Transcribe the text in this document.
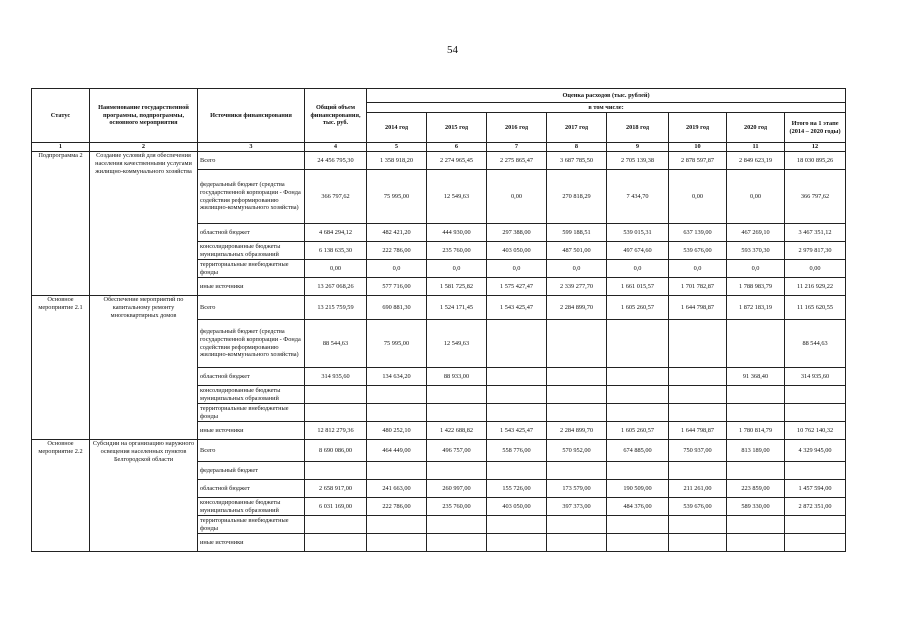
54
Статус	Наименование государственной программы, подпрограммы, основного мероприятия	Источники финансирования	Общий объем финансирования, тыс. руб.	Оценка расходов (тыс. рублей)							
				в том числе:							
				2014 год	2015 год	2016 год	2017 год	2018 год	2019 год	2020 год	Итого на 1 этапе (2014 – 2020 годы)
1	2	3	4	5	6	7	8	9	10	11	12
Подпрограмма 2	Создание условий для обеспечения населения качественными услугами жилищно-коммунального хозяйства	Всего	24 456 795,30	1 358 918,20	2 274 965,45	2 275 865,47	3 687 785,50	2 705 139,38	2 878 597,87	2 849 623,19	18 030 895,26
		федеральный бюджет (средства государственной корпорации - Фонда содействия реформированию жилищно-коммунального хозяйства)	366 797,62	75 995,00	12 549,63	0,00	270 818,29	7 434,70	0,00	0,00	366 797,62
		областной бюджет	4 684 294,12	482 421,20	444 930,00	297 388,00	599 188,51	539 015,31	637 139,00	467 269,10	3 467 351,12
		консолидированные бюджеты муниципальных образований	6 138 635,30	222 786,00	235 760,00	403 050,00	487 501,00	497 674,60	539 676,00	593 370,30	2 979 817,30
		территориальные внебюджетные фонды	0,00	0,0	0,0	0,0	0,0	0,0	0,0	0,0	0,00
		иные источники	13 267 068,26	577 716,00	1 581 725,82	1 575 427,47	2 339 277,70	1 661 015,57	1 701 782,87	1 788 983,79	11 216 929,22
Основное мероприятие 2.1	Обеспечение мероприятий по капитальному ремонту многоквартирных домов	Всего	13 215 759,59	690 881,30	1 524 171,45	1 543 425,47	2 284 899,70	1 605 260,57	1 644 798,87	1 872 183,19	11 165 620,55
		федеральный бюджет (средства государственной корпорации - Фонда содействия реформированию жилищно-коммунального хозяйства)	88 544,63	75 995,00	12 549,63						88 544,63
		областной бюджет	314 935,60	134 634,20	88 933,00					91 368,40	314 935,60
		консолидированные бюджеты муниципальных образований									
		территориальные внебюджетные фонды									
		иные источники	12 812 279,36	480 252,10	1 422 688,82	1 543 425,47	2 284 899,70	1 605 260,57	1 644 798,87	1 780 814,79	10 762 140,32
Основное мероприятие 2.2	Субсидии на организацию наружного освещения населенных пунктов Белгородской области	Всего	8 690 086,00	464 449,00	496 757,00	558 776,00	570 952,00	674 885,00	750 937,00	813 189,00	4 329 945,00
		федеральный бюджет									
		областной бюджет	2 658 917,00	241 663,00	260 997,00	155 726,00	173 579,00	190 509,00	211 261,00	223 859,00	1 457 594,00
		консолидированные бюджеты муниципальных образований	6 031 169,00	222 786,00	235 760,00	403 050,00	397 373,00	484 376,00	539 676,00	589 330,00	2 872 351,00
		территориальные внебюджетные фонды									
		иные источники									
